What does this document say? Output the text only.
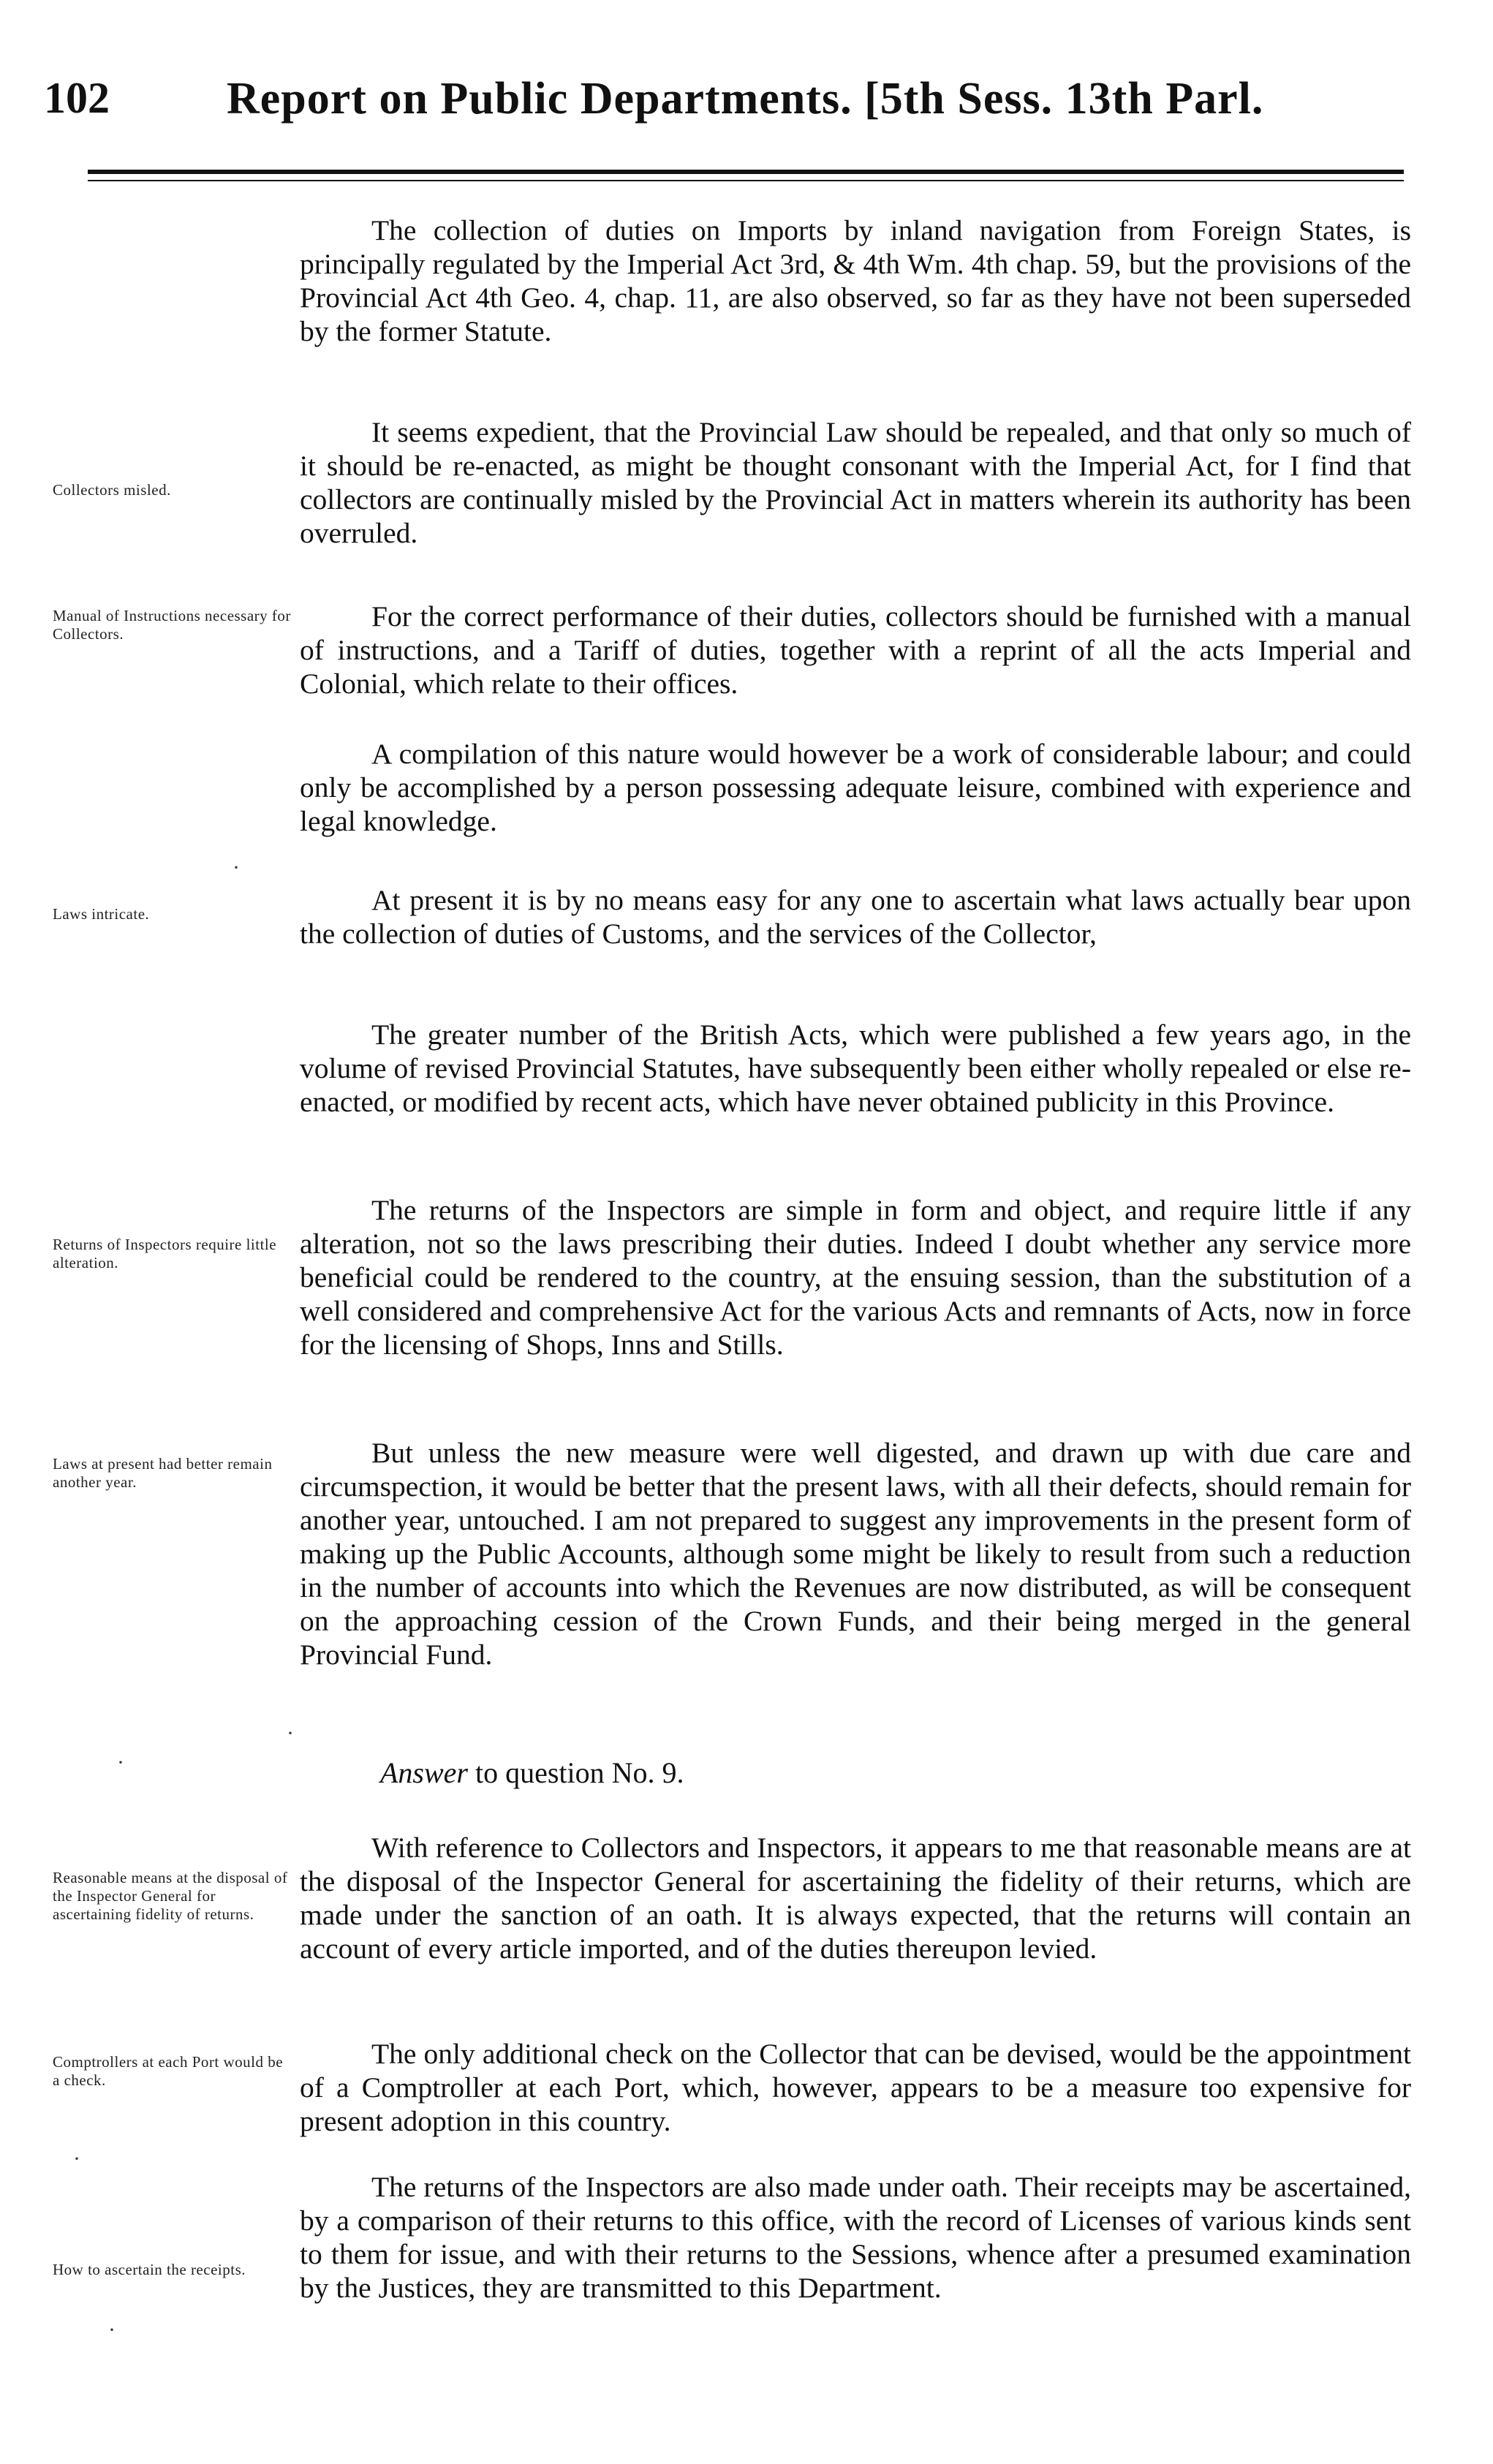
102	Report on Public Departments. [5th Sess. 13th Parl.
The collection of duties on Imports by inland navigation from Foreign States, is principally regulated by the Imperial Act 3rd, & 4th Wm. 4th chap. 59, but the provisions of the Provincial Act 4th Geo. 4, chap. 11, are also observed, so far as they have not been superseded by the former Statute.
Collectors misled.
It seems expedient, that the Provincial Law should be repealed, and that only so much of it should be re-enacted, as might be thought consonant with the Imperial Act, for I find that collectors are continually misled by the Provincial Act in matters wherein its authority has been overruled.
Manual of Instructions necessary for Collectors.
For the correct performance of their duties, collectors should be furnished with a manual of instructions, and a Tariff of duties, together with a reprint of all the acts Imperial and Colonial, which relate to their offices.
A compilation of this nature would however be a work of considerable labour; and could only be accomplished by a person possessing adequate leisure, combined with experience and legal knowledge.
Laws intricate.	At present it is by no means easy for any one to ascertain what laws actually bear upon the collection of duties of Customs, and the services of the Collector,
The greater number of the British Acts, which were published a few years ago, in the volume of revised Provincial Statutes, have subsequently been either wholly repealed or else re-enacted, or modified by recent acts, which have never obtained publicity in this Province.
Returns of Inspectors require little alteration.
The returns of the Inspectors are simple in form and object, and require little if any alteration, not so the laws prescribing their duties. Indeed I doubt whether any service more beneficial could be rendered to the country, at the ensuing session, than the substitution of a well considered and comprehensive Act for the various Acts and remnants of Acts, now in force for the licensing of Shops, Inns and Stills.
Laws at present had better remain another year.
But unless the new measure were well digested, and drawn up with due care and circumspection, it would be better that the present laws, with all their defects, should remain for another year, untouched. I am not prepared to suggest any improvements in the present form of making up the Public Accounts, although some might be likely to result from such a reduction in the number of accounts into which the Revenues are now distributed, as will be consequent on the approaching cession of the Crown Funds, and their being merged in the general Provincial Fund.
Answer to question No. 9.
Reasonable means at the disposal of the Inspector General for ascertaining fidelity of returns.
With reference to Collectors and Inspectors, it appears to me that reasonable means are at the disposal of the Inspector General for ascertaining the fidelity of their returns, which are made under the sanction of an oath. It is always expected, that the returns will contain an account of every article imported, and of the duties thereupon levied.
Comptrollers at each Port would be a check.
The only additional check on the Collector that can be devised, would be the appointment of a Comptroller at each Port, which, however, appears to be a measure too expensive for present adoption in this country.
How to ascertain the receipts.
The returns of the Inspectors are also made under oath. Their receipts may be ascertained, by a comparison of their returns to this office, with the record of Licenses of various kinds sent to them for issue, and with their returns to the Sessions, whence after a presumed examination by the Justices, they are transmitted to this Department.
·
·
·
·
·
